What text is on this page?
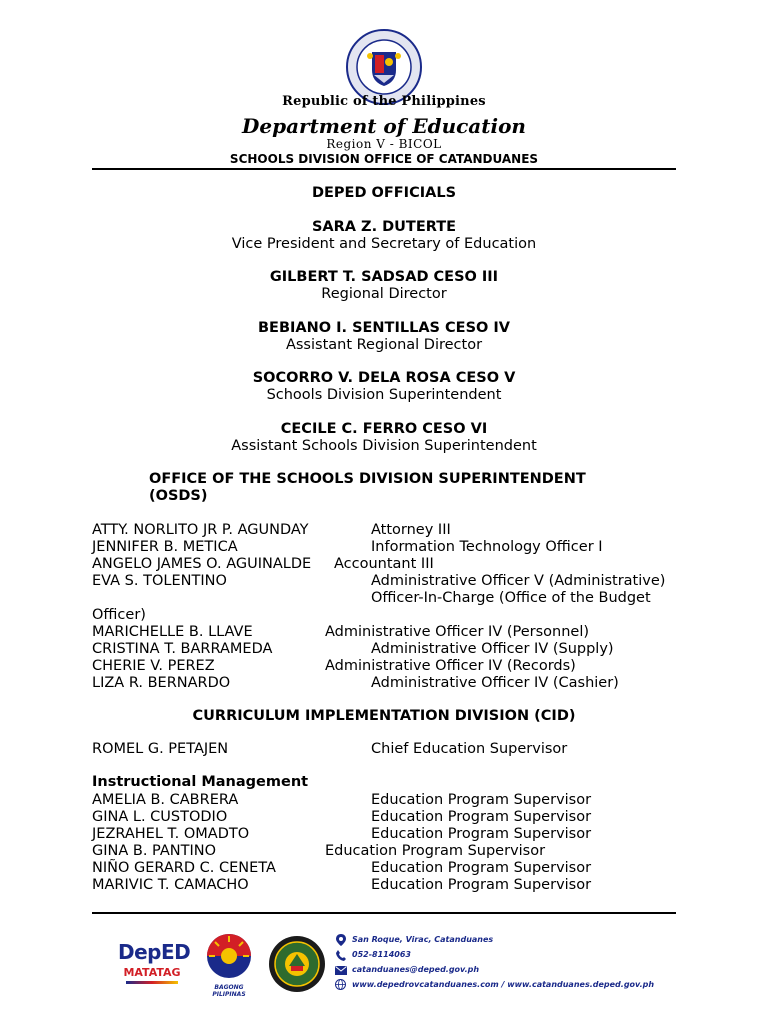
Republic of the Philippines
Department of Education
Region V - BICOL
SCHOOLS DIVISION OFFICE OF CATANDUANES
DEPED OFFICIALS
SARA Z. DUTERTE
Vice President and Secretary of Education
GILBERT T. SADSAD CESO III
Regional Director
BEBIANO I. SENTILLAS CESO IV
Assistant Regional Director
SOCORRO V. DELA ROSA CESO V
Schools Division Superintendent
CECILE C. FERRO CESO VI
Assistant Schools Division Superintendent
OFFICE OF THE SCHOOLS DIVISION SUPERINTENDENT (OSDS)
ATTY. NORLITO JR P. AGUNDAY	Attorney III
JENNIFER B. METICA	Information Technology Officer I
ANGELO JAMES O. AGUINALDE Accountant III
EVA S. TOLENTINO	Administrative Officer V (Administrative)
Officer-In-Charge (Office of the Budget
Officer)
MARICHELLE B. LLAVE	Administrative Officer IV (Personnel)
CRISTINA T. BARRAMEDA	Administrative Officer IV (Supply)
CHERIE V. PEREZ	Administrative Officer IV (Records)
LIZA R. BERNARDO	Administrative Officer IV (Cashier)
CURRICULUM IMPLEMENTATION DIVISION (CID)
ROMEL G. PETAJEN	Chief Education Supervisor
Instructional Management
AMELIA B. CABRERA	Education Program Supervisor
GINA L. CUSTODIO	Education Program Supervisor
JEZRAHEL T. OMADTO	Education Program Supervisor
GINA B. PANTINO	Education Program Supervisor
NIÑO GERARD C. CENETA	Education Program Supervisor
MARIVIC T. CAMACHO	Education Program Supervisor
DepED
MATATAG
BAGONG PILIPINAS
San Roque, Virac, Catanduanes
052-8114063
catanduanes@deped.gov.ph
www.depedrovcatanduanes.com / www.catanduanes.deped.gov.ph
